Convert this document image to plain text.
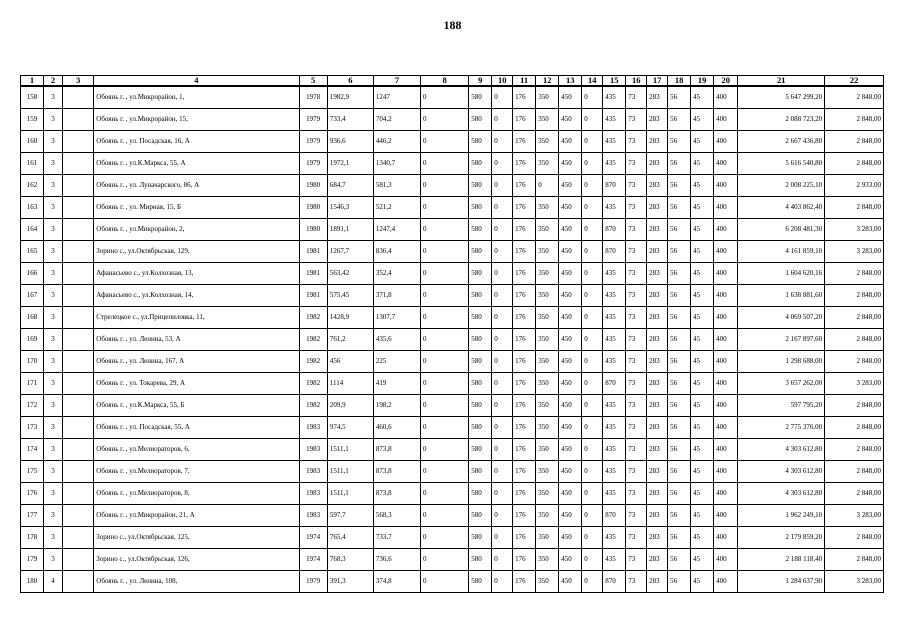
188
1	2	3	4	5	6	7	8	9	10	11	12	13	14	15	16	17	18	19	20	21	22
158	3		Обоянь г. , ул.Микрорайон, 1,	1978	1982,9	1247	0	580	0	176	350	450	0	435	73	283	56	45	400	5 647 299,20	2 848,00
159	3		Обоянь г. , ул.Микрорайон, 15,	1979	733,4	704,2	0	580	0	176	350	450	0	435	73	283	56	45	400	2 088 723,20	2 848,00
160	3		Обоянь г. , ул. Посадская, 16, А	1979	936,6	446,2	0	580	0	176	350	450	0	435	73	283	56	45	400	2 667 436,80	2 848,00
161	3		Обоянь г. , ул.К.Маркса, 55, А	1979	1972,1	1340,7	0	580	0	176	350	450	0	435	73	283	56	45	400	5 616 540,80	2 848,00
162	3		Обоянь г. , ул. Луначарского, 86, А	1980	684,7	581,3	0	580	0	176	0	450	0	870	73	283	56	45	400	2 008 225,10	2 933,00
163	3		Обоянь г. , ул. Мирная, 15, Б	1980	1546,3	521,2	0	580	0	176	350	450	0	435	73	283	56	45	400	4 403 862,40	2 848,00
164	3		Обоянь г. , ул.Микрорайон, 2,	1980	1891,1	1247,4	0	580	0	176	350	450	0	870	73	283	56	45	400	6 208 481,30	3 283,00
165	3		Зорино с., ул.Октябрьская, 129,	1981	1267,7	836,4	0	580	0	176	350	450	0	870	73	283	56	45	400	4 161 859,10	3 283,00
166	3		Афанасьево с., ул.Колхозная, 13,	1981	563,42	352,4	0	580	0	176	350	450	0	435	73	283	56	45	400	1 604 620,16	2 848,00
167	3		Афанасьево с., ул.Колхозная, 14,	1981	575,45	371,8	0	580	0	176	350	450	0	435	73	283	56	45	400	1 638 881,60	2 848,00
168	3		Стрелецкое с., ул.Прицепиловка, 11,	1982	1428,9	1307,7	0	580	0	176	350	450	0	435	73	283	56	45	400	4 069 507,20	2 848,00
169	3		Обоянь г. , ул. Ленина, 53, А	1982	761,2	435,6	0	580	0	176	350	450	0	435	73	283	56	45	400	2 167 897,60	2 848,00
170	3		Обоянь г. , ул. Ленина, 167, А	1982	456	225	0	580	0	176	350	450	0	435	73	283	56	45	400	1 298 688,00	2 848,00
171	3		Обоянь г. , ул. Токарева, 29, А	1982	1114	419	0	580	0	176	350	450	0	870	73	283	56	45	400	3 657 262,00	3 283,00
172	3		Обоянь г. , ул.К.Маркса, 55, Б	1982	209,9	198,2	0	580	0	176	350	450	0	435	73	283	56	45	400	597 795,20	2 848,00
173	3		Обоянь г. , ул. Посадская, 55, А	1983	974,5	460,6	0	580	0	176	350	450	0	435	73	283	56	45	400	2 775 376,00	2 848,00
174	3		Обоянь г. , ул.Мелиораторов, 6,	1983	1511,1	873,8	0	580	0	176	350	450	0	435	73	283	56	45	400	4 303 612,80	2 848,00
175	3		Обоянь г. , ул.Мелиораторов, 7,	1983	1511,1	873,8	0	580	0	176	350	450	0	435	73	283	56	45	400	4 303 612,80	2 848,00
176	3		Обоянь г. , ул.Мелиораторов, 8,	1983	1511,1	873,8	0	580	0	176	350	450	0	435	73	283	56	45	400	4 303 612,80	2 848,00
177	3		Обоянь г. , ул.Микрорайон, 21, А	1983	597,7	568,3	0	580	0	176	350	450	0	870	73	283	56	45	400	1 962 249,10	3 283,00
178	3		Зорино с., ул.Октябрьская, 125,	1974	765,4	733,7	0	580	0	176	350	450	0	435	73	283	56	45	400	2 179 859,20	2 848,00
179	3		Зорино с., ул.Октябрьская, 126,	1974	768,3	736,6	0	580	0	176	350	450	0	435	73	283	56	45	400	2 188 118,40	2 848,00
180	4		Обоянь г. , ул. Ленина, 108,	1979	391,3	374,8	0	580	0	176	350	450	0	870	73	283	56	45	400	1 284 637,90	3 283,00
